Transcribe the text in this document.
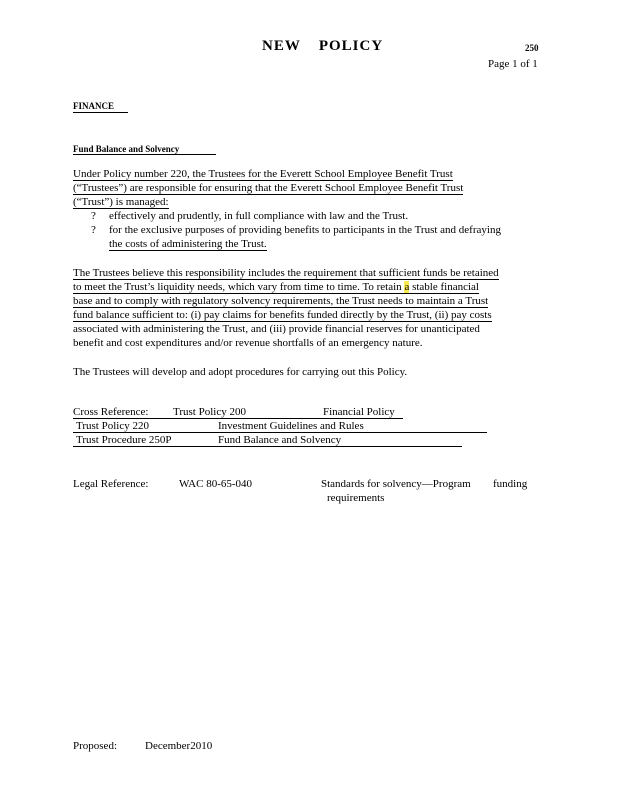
NEW POLICY	250
Page 1 of 1
FINANCE
Fund Balance and Solvency
Under Policy number 220, the Trustees for the Everett School Employee Benefit Trust
(“Trustees”) are responsible for ensuring that the Everett School Employee Benefit Trust
(“Trust”) is managed:
? effectively and prudently, in full compliance with law and the Trust.
? for the exclusive purposes of providing benefits to participants in the Trust and defraying
the costs of administering the Trust.
The Trustees believe this responsibility includes the requirement that sufficient funds be retained
to meet the Trust’s liquidity needs, which vary from time to time. To retain a stable financial
base and to comply with regulatory solvency requirements, the Trust needs to maintain a Trust
fund balance sufficient to: (i) pay claims for benefits funded directly by the Trust, (ii) pay costs
associated with administering the Trust, and (iii) provide financial reserves for unanticipated
benefit and cost expenditures and/or revenue shortfalls of an emergency nature.
The Trustees will develop and adopt procedures for carrying out this Policy.
Cross Reference: Trust Policy 200	Financial Policy
Trust Policy 220	Investment Guidelines and Rules
Trust Procedure 250P	Fund Balance and Solvency
Legal Reference:	WAC 80-65-040	Standards for solvency—Program funding
requirements
Proposed:	December2010
